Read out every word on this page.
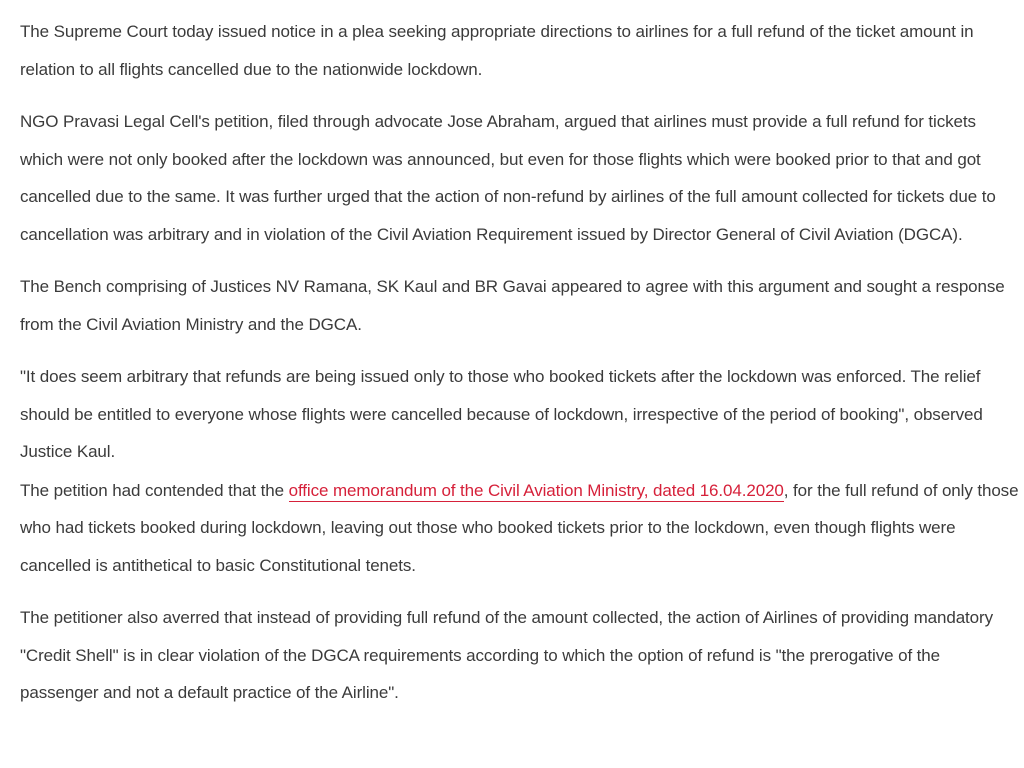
The Supreme Court today issued notice in a plea seeking appropriate directions to airlines for a full refund of the ticket amount in relation to all flights cancelled due to the nationwide lockdown.

NGO Pravasi Legal Cell's petition, filed through advocate Jose Abraham, argued that airlines must provide a full refund for tickets which were not only booked after the lockdown was announced, but even for those flights which were booked prior to that and got cancelled due to the same. It was further urged that the action of non-refund by airlines of the full amount collected for tickets due to cancellation was arbitrary and in violation of the Civil Aviation Requirement issued by Director General of Civil Aviation (DGCA).

The Bench comprising of Justices NV Ramana, SK Kaul and BR Gavai appeared to agree with this argument and sought a response from the Civil Aviation Ministry and the DGCA.

"It does seem arbitrary that refunds are being issued only to those who booked tickets after the lockdown was enforced. The relief should be entitled to everyone whose flights were cancelled because of lockdown, irrespective of the period of booking", observed Justice Kaul.

The petition had contended that the office memorandum of the Civil Aviation Ministry, dated 16.04.2020, for the full refund of only those who had tickets booked during lockdown, leaving out those who booked tickets prior to the lockdown, even though flights were cancelled is antithetical to basic Constitutional tenets.

The petitioner also averred that instead of providing full refund of the amount collected, the action of Airlines of providing mandatory "Credit Shell" is in clear violation of the DGCA requirements according to which the option of refund is "the prerogative of the passenger and not a default practice of the Airline".
